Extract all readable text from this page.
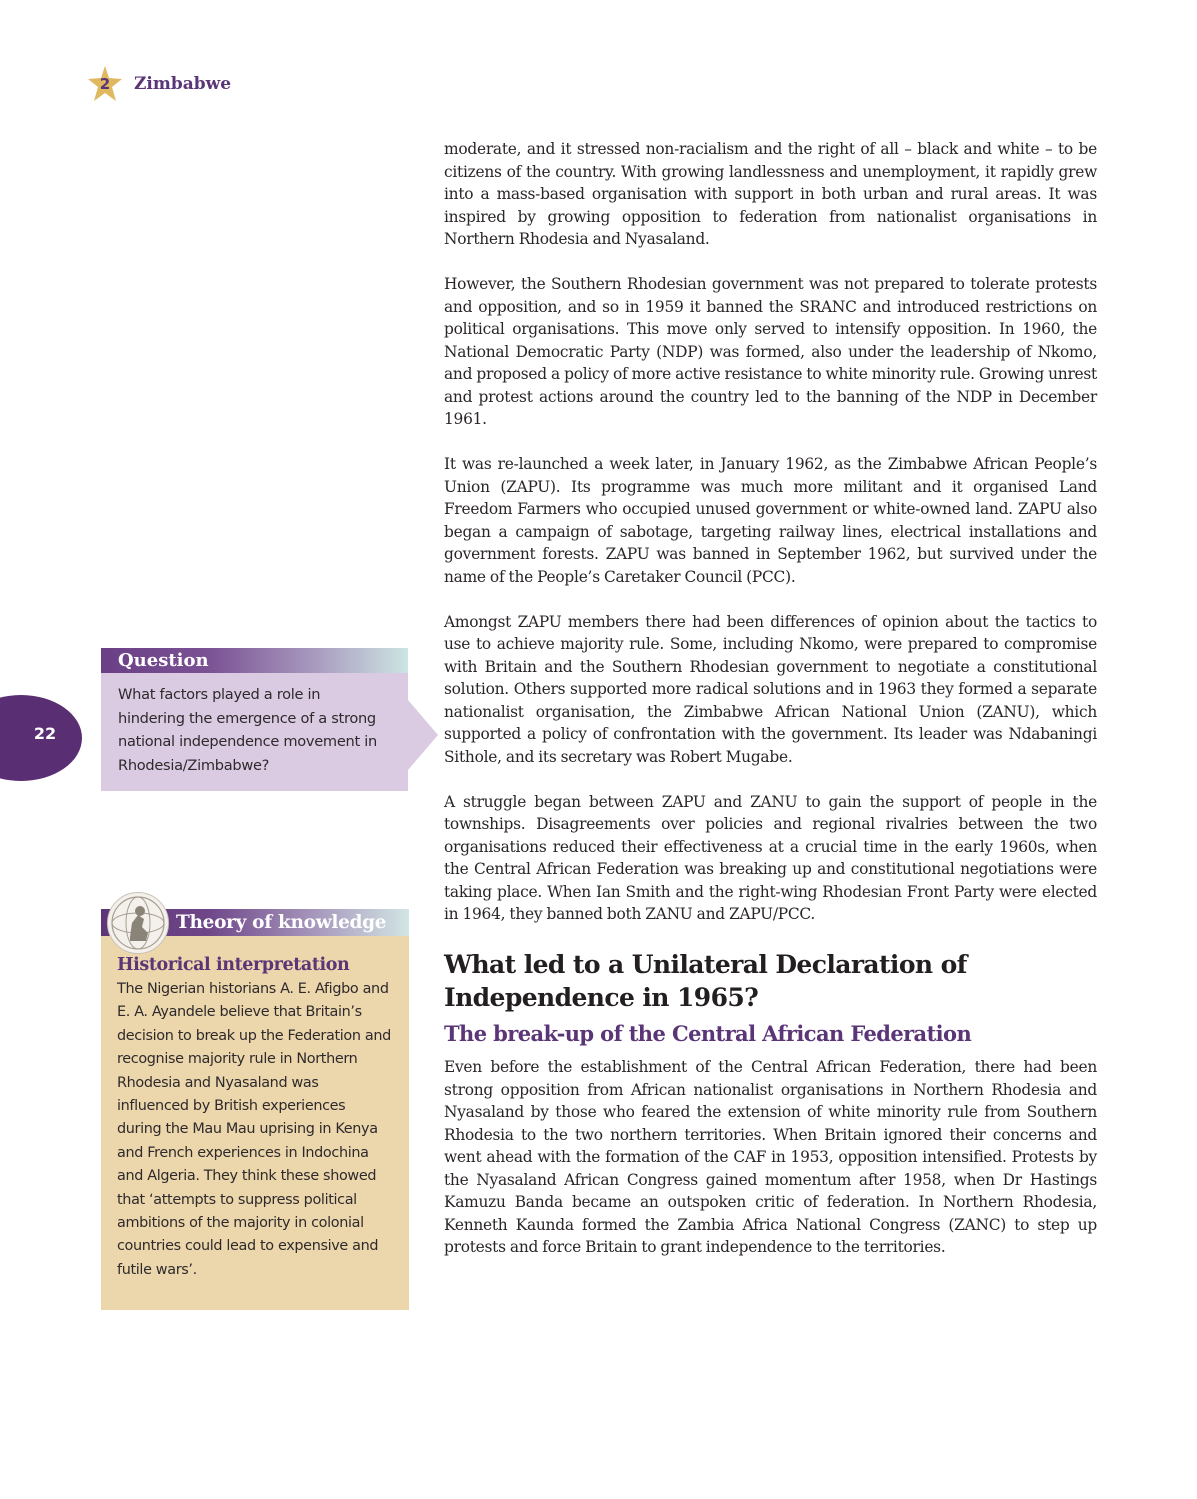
2	Zimbabwe
22
Question
What factors played a role in hindering the emergence of a strong national independence movement in Rhodesia/Zimbabwe?
Theory of knowledge
Historical interpretation
The Nigerian historians A. E. Afigbo and E. A. Ayandele believe that Britain’s decision to break up the Federation and recognise majority rule in Northern Rhodesia and Nyasaland was influenced by British experiences during the Mau Mau uprising in Kenya and French experiences in Indochina and Algeria. They think these showed that ‘attempts to suppress political ambitions of the majority in colonial countries could lead to expensive and futile wars’.

moderate, and it stressed non-racialism and the right of all – black and white – to be citizens of the country. With growing landlessness and unemployment, it rapidly grew into a mass-based organisation with support in both urban and rural areas. It was inspired by growing opposition to federation from nationalist organisations in Northern Rhodesia and Nyasaland.

However, the Southern Rhodesian government was not prepared to tolerate protests and opposition, and so in 1959 it banned the SRANC and introduced restrictions on political organisations. This move only served to intensify opposition. In 1960, the National Democratic Party (NDP) was formed, also under the leadership of Nkomo, and proposed a policy of more active resistance to white minority rule. Growing unrest and protest actions around the country led to the banning of the NDP in December 1961.

It was re-launched a week later, in January 1962, as the Zimbabwe African People’s Union (ZAPU). Its programme was much more militant and it organised Land Freedom Farmers who occupied unused government or white-owned land. ZAPU also began a campaign of sabotage, targeting railway lines, electrical installations and government forests. ZAPU was banned in September 1962, but survived under the name of the People’s Caretaker Council (PCC).

Amongst ZAPU members there had been differences of opinion about the tactics to use to achieve majority rule. Some, including Nkomo, were prepared to compromise with Britain and the Southern Rhodesian government to negotiate a constitutional solution. Others supported more radical solutions and in 1963 they formed a separate nationalist organisation, the Zimbabwe African National Union (ZANU), which supported a policy of confrontation with the government. Its leader was Ndabaningi Sithole, and its secretary was Robert Mugabe.

A struggle began between ZAPU and ZANU to gain the support of people in the townships. Disagreements over policies and regional rivalries between the two organisations reduced their effectiveness at a crucial time in the early 1960s, when the Central African Federation was breaking up and constitutional negotiations were taking place. When Ian Smith and the right-wing Rhodesian Front Party were elected in 1964, they banned both ZANU and ZAPU/PCC.

What led to a Unilateral Declaration of Independence in 1965?
The break-up of the Central African Federation

Even before the establishment of the Central African Federation, there had been strong opposition from African nationalist organisations in Northern Rhodesia and Nyasaland by those who feared the extension of white minority rule from Southern Rhodesia to the two northern territories. When Britain ignored their concerns and went ahead with the formation of the CAF in 1953, opposition intensified. Protests by the Nyasaland African Congress gained momentum after 1958, when Dr Hastings Kamuzu Banda became an outspoken critic of federation. In Northern Rhodesia, Kenneth Kaunda formed the Zambia Africa National Congress (ZANC) to step up protests and force Britain to grant independence to the territories.
